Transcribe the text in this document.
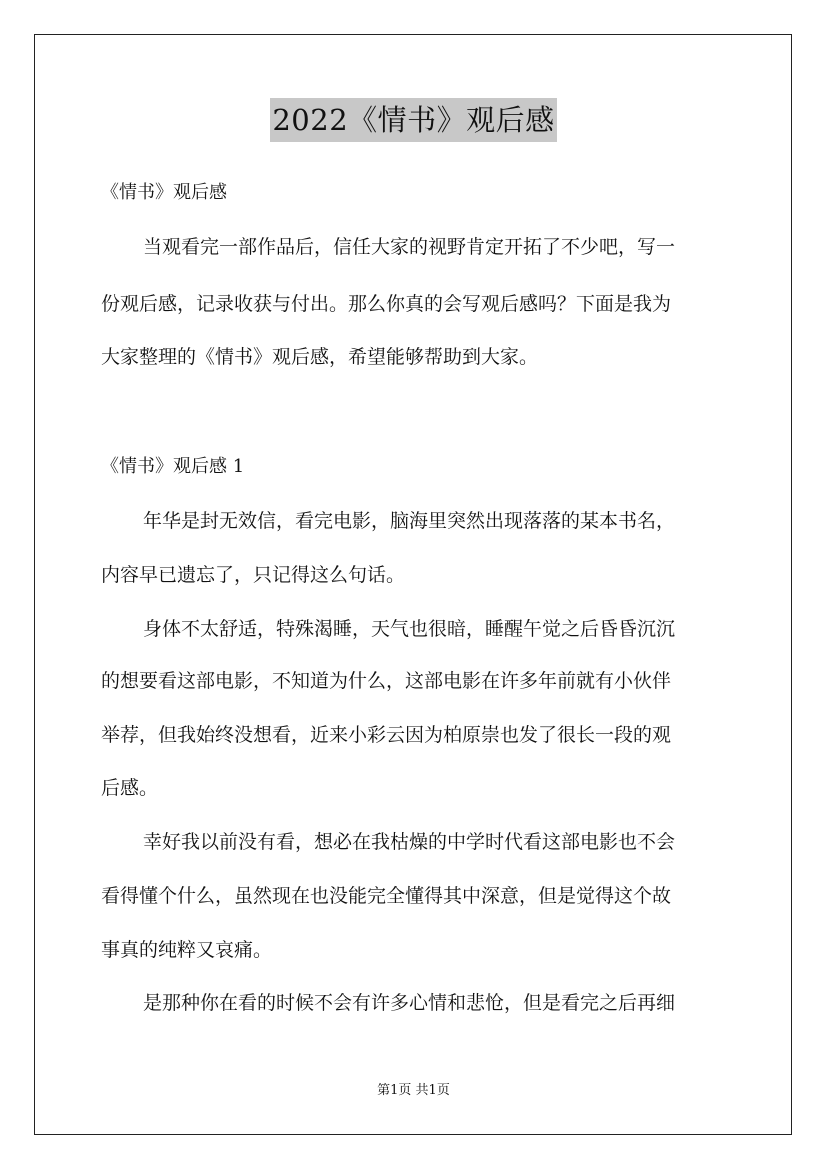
2022《情书》观后感
《情书》观后感
当观看完一部作品后，信任大家的视野肯定开拓了不少吧，写一
份观后感，记录收获与付出。那么你真的会写观后感吗？下面是我为
大家整理的《情书》观后感，希望能够帮助到大家。
《情书》观后感 1
年华是封无效信，看完电影，脑海里突然出现落落的某本书名，
内容早已遗忘了，只记得这么句话。
身体不太舒适，特殊渴睡，天气也很暗，睡醒午觉之后昏昏沉沉
的想要看这部电影，不知道为什么，这部电影在许多年前就有小伙伴
举荐，但我始终没想看，近来小彩云因为柏原崇也发了很长一段的观
后感。
幸好我以前没有看，想必在我枯燥的中学时代看这部电影也不会
看得懂个什么，虽然现在也没能完全懂得其中深意，但是觉得这个故
事真的纯粹又哀痛。
是那种你在看的时候不会有许多心情和悲怆，但是看完之后再细
第1页 共1页
